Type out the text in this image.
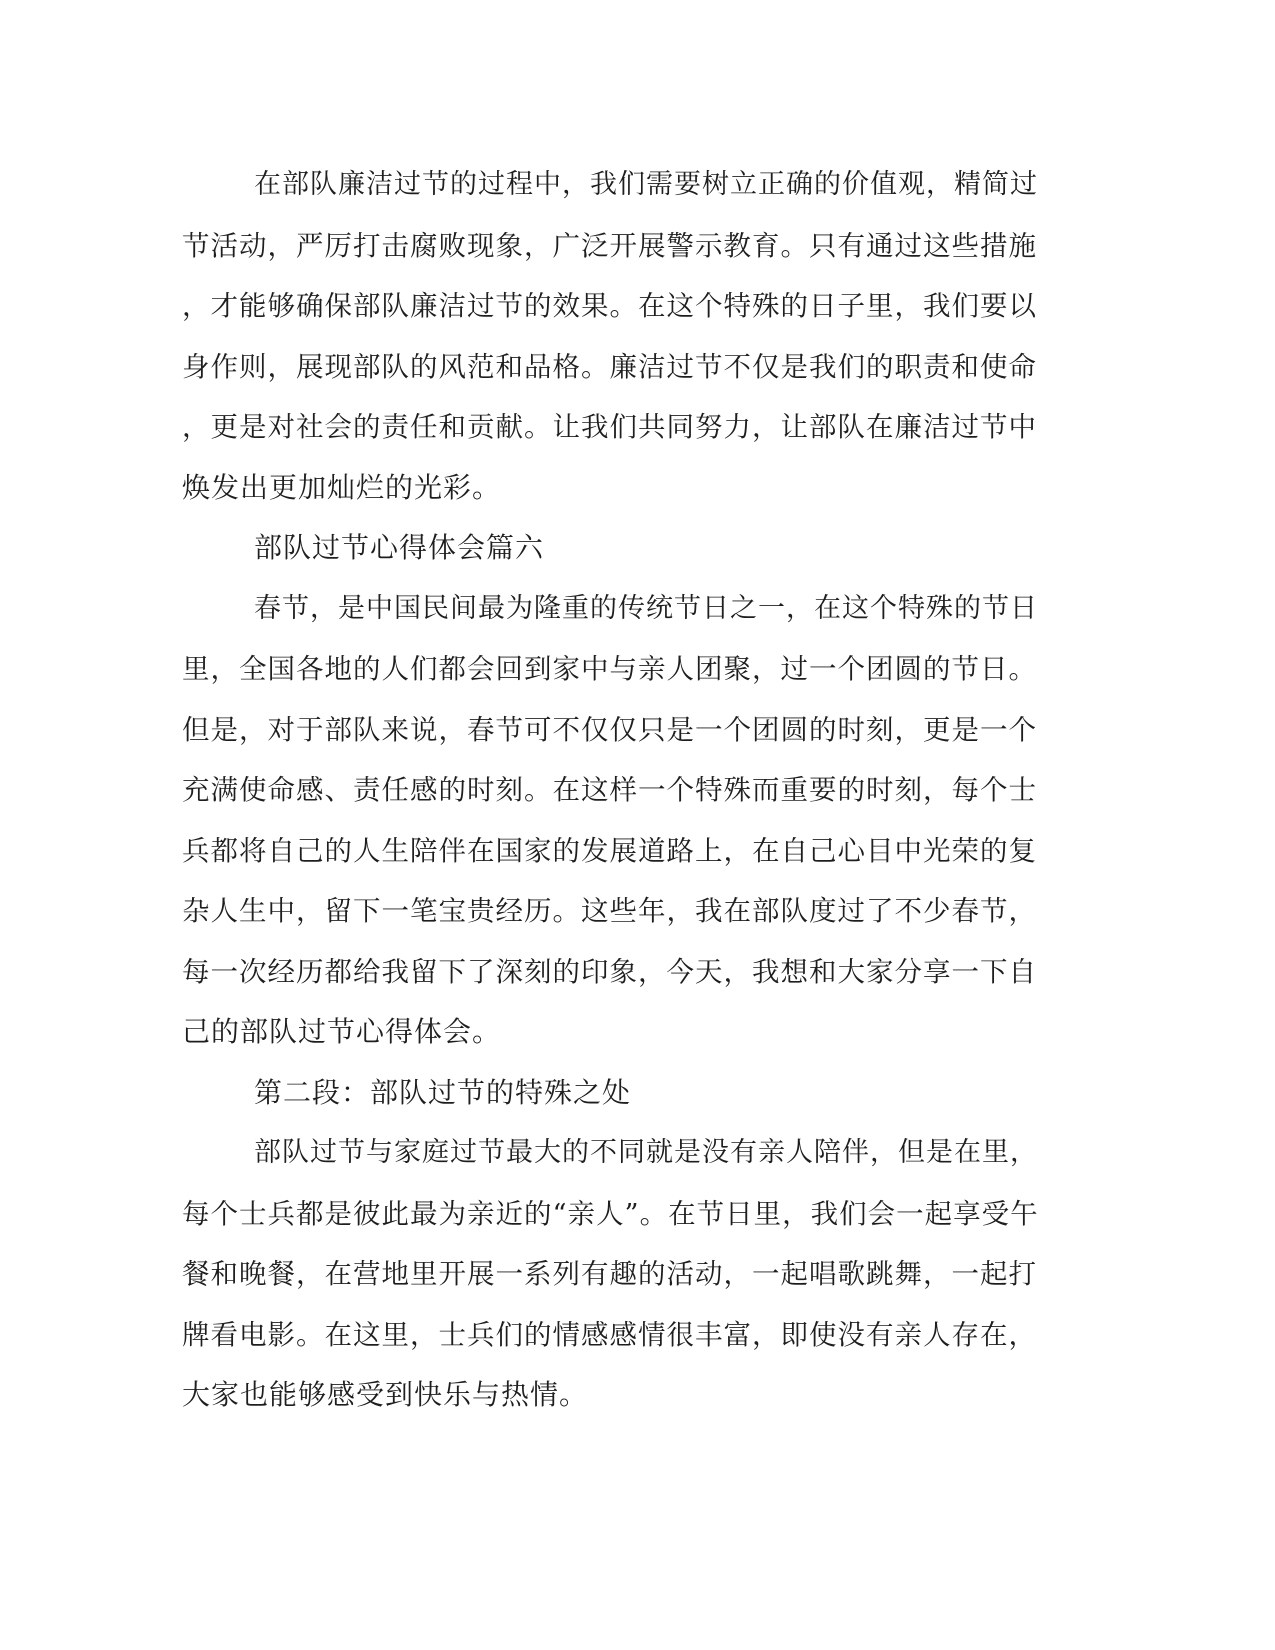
在部队廉洁过节的过程中，我们需要树立正确的价值观，精简过
节活动，严厉打击腐败现象，广泛开展警示教育。只有通过这些措施
，才能够确保部队廉洁过节的效果。在这个特殊的日子里，我们要以
身作则，展现部队的风范和品格。廉洁过节不仅是我们的职责和使命
，更是对社会的责任和贡献。让我们共同努力，让部队在廉洁过节中
焕发出更加灿烂的光彩。
部队过节心得体会篇六
春节，是中国民间最为隆重的传统节日之一，在这个特殊的节日
里，全国各地的人们都会回到家中与亲人团聚，过一个团圆的节日。
但是，对于部队来说，春节可不仅仅只是一个团圆的时刻，更是一个
充满使命感、责任感的时刻。在这样一个特殊而重要的时刻，每个士
兵都将自己的人生陪伴在国家的发展道路上，在自己心目中光荣的复
杂人生中，留下一笔宝贵经历。这些年，我在部队度过了不少春节，
每一次经历都给我留下了深刻的印象，今天，我想和大家分享一下自
己的部队过节心得体会。
第二段：部队过节的特殊之处
部队过节与家庭过节最大的不同就是没有亲人陪伴，但是在里，
每个士兵都是彼此最为亲近的“亲人”。在节日里，我们会一起享受午
餐和晚餐，在营地里开展一系列有趣的活动，一起唱歌跳舞，一起打
牌看电影。在这里，士兵们的情感感情很丰富，即使没有亲人存在，
大家也能够感受到快乐与热情。
